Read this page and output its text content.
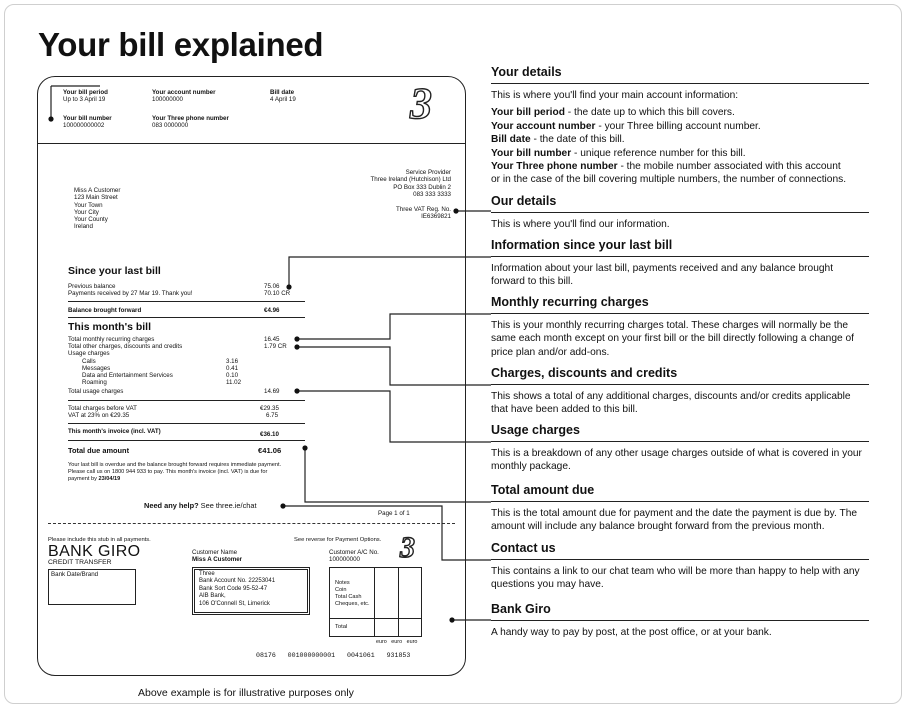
Your bill explained
Your bill period
Up to 3 April 19
Your account number
100000000
Bill date
4 April 19
Your bill number
100000000002
Your Three phone number
083 0000000	3
Service Provider
Three Ireland (Hutchison) Ltd
PO Box 333 Dublin 2
083 333 3333
Three VAT Reg. No.
IE6369821
Miss A Customer
123 Main Street
Your Town
Your City
Your County
Ireland
Since your last bill
Previous balance	75.06
Payments received by 27 Mar 19. Thank you!	70.10 CR
Balance brought forward	€4.96
This month's bill
Total monthly recurring charges	16.45
Total other charges, discounts and credits	1.79 CR
Usage charges
Calls	3.16
Messages	0.41
Data and Entertainment Services	0.10
Roaming	11.02
Total usage charges	14.69
Total charges before VAT	€29.35
VAT at 23% on €29.35	6.75
This month's invoice (incl. VAT)	€36.10
Total due amount	€41.06
Your last bill is overdue and the balance brought forward requires immediate payment.
Please call us on 1800 944 933 to pay. This month's invoice (incl. VAT) is due for
payment by 23/04/19
Need any help? See three.ie/chat
Page 1 of 1
Please include this stub in all payments.	See reverse for Payment Options.
BANK GIRO
CREDIT TRANSFER
Bank Date/Brand
Customer Name
Miss A Customer
Customer A/C No.
100000000 3
Three
Bank Account No. 22253041
Bank Sort Code 95-52-47
AIB Bank,
106 O'Connell St, Limerick
Notes
Coin
Total Cash
Cheques, etc.
Total
euro euro euro
08176   001000000001   0041061   931853
Above example is for illustrative purposes only
Your details
This is where you'll find your main account information:
Your bill period - the date up to which this bill covers.
Your account number - your Three billing account number.
Bill date - the date of this bill.
Your bill number - unique reference number for this bill.
Your Three phone number - the mobile number associated with this account
or in the case of the bill covering multiple numbers, the number of connections.
Our details
This is where you'll find our information.
Information since your last bill
Information about your last bill, payments received and any balance brought forward to this bill.
Monthly recurring charges
This is your monthly recurring charges total. These charges will normally be the same each month except on your first bill or the bill directly following a change of price plan and/or add-ons.
Charges, discounts and credits
This shows a total of any additional charges, discounts and/or credits applicable that have been added to this bill.
Usage charges
This is a breakdown of any other usage charges outside of what is covered in your monthly package.
Total amount due
This is the total amount due for payment and the date the payment is due by. The amount will include any balance brought forward from the previous month.
Contact us
This contains a link to our chat team who will be more than happy to help with any questions you may have.
Bank Giro
A handy way to pay by post, at the post office, or at your bank.
